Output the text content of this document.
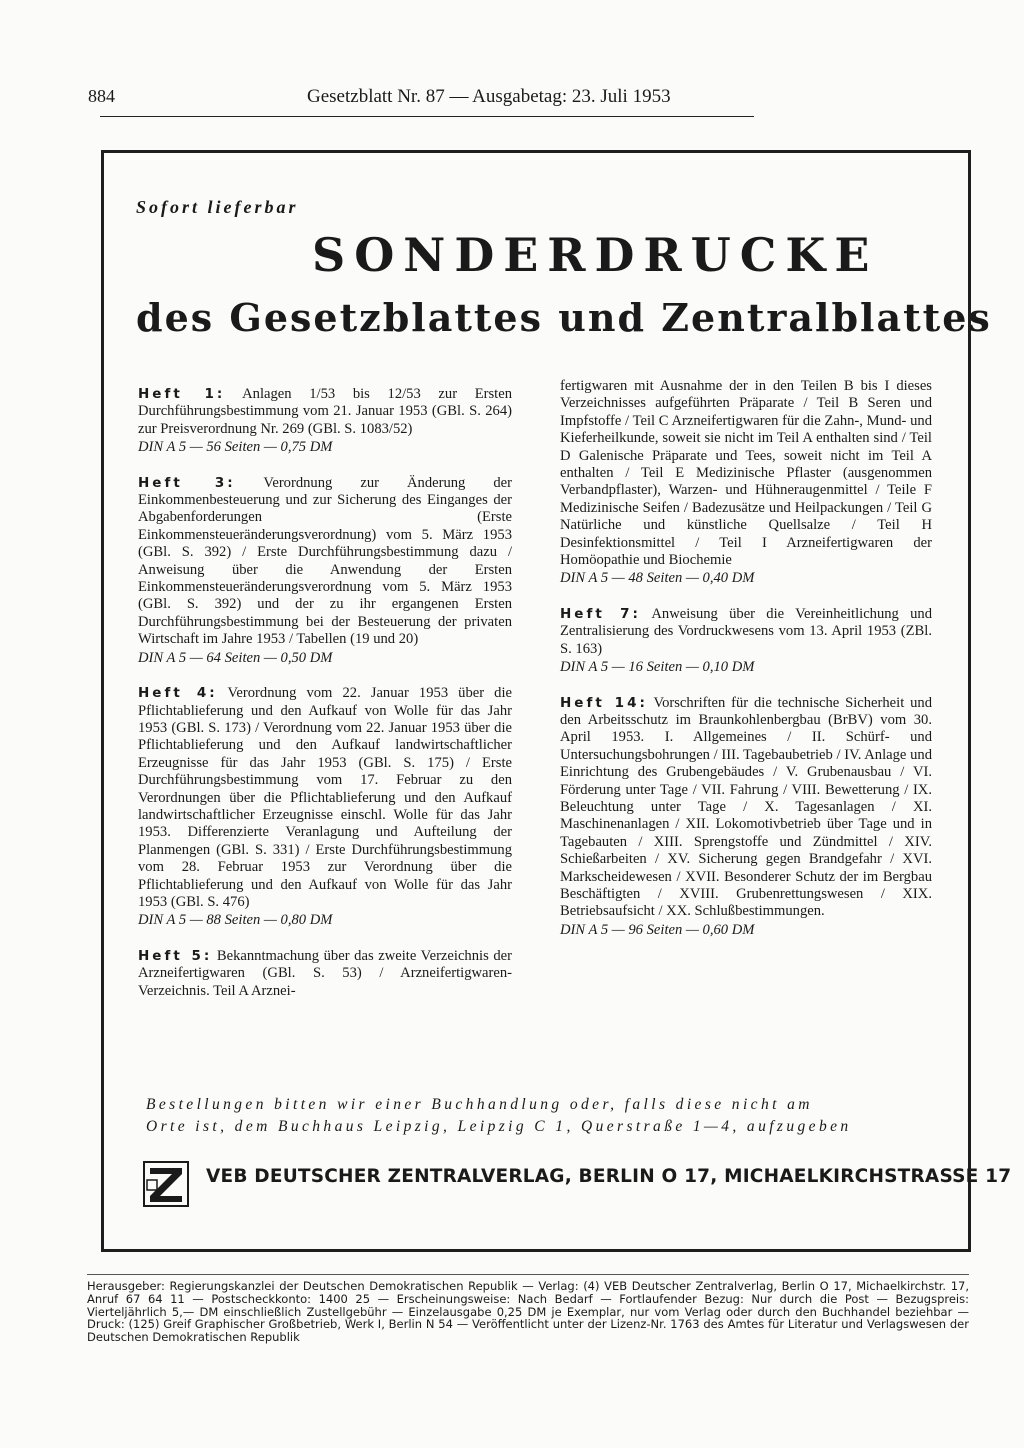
884	Gesetzblatt Nr. 87 — Ausgabetag: 23. Juli 1953
Sofort lieferbar
SONDERDRUCKE
des Gesetzblattes und Zentralblattes

Heft 1: Anlagen 1/53 bis 12/53 zur Ersten Durchführungsbestimmung vom 21. Januar 1953 (GBl. S. 264) zur Preisverordnung Nr. 269 (GBl. S. 1083/52)
DIN A 5 — 56 Seiten — 0,75 DM

Heft 3: Verordnung zur Änderung der Einkommenbesteuerung und zur Sicherung des Einganges der Abgabenforderungen (Erste Einkommensteueränderungsverordnung) vom 5. März 1953 (GBl. S. 392) / Erste Durchführungsbestimmung dazu / Anweisung über die Anwendung der Ersten Einkommensteueränderungsverordnung vom 5. März 1953 (GBl. S. 392) und der zu ihr ergangenen Ersten Durchführungsbestimmung bei der Besteuerung der privaten Wirtschaft im Jahre 1953 / Tabellen (19 und 20)
DIN A 5 — 64 Seiten — 0,50 DM

Heft 4: Verordnung vom 22. Januar 1953 über die Pflichtablieferung und den Aufkauf von Wolle für das Jahr 1953 (GBl. S. 173) / Verordnung vom 22. Januar 1953 über die Pflichtablieferung und den Aufkauf landwirtschaftlicher Erzeugnisse für das Jahr 1953 (GBl. S. 175) / Erste Durchführungsbestimmung vom 17. Februar zu den Verordnungen über die Pflichtablieferung und den Aufkauf landwirtschaftlicher Erzeugnisse einschl. Wolle für das Jahr 1953. Differenzierte Veranlagung und Aufteilung der Planmengen (GBl. S. 331) / Erste Durchführungsbestimmung vom 28. Februar 1953 zur Verordnung über die Pflichtablieferung und den Aufkauf von Wolle für das Jahr 1953 (GBl. S. 476)
DIN A 5 — 88 Seiten — 0,80 DM

Heft 5: Bekanntmachung über das zweite Verzeichnis der Arzneifertigwaren (GBl. S. 53) / Arzneifertigwaren-Verzeichnis. Teil A Arznei-

fertigwaren mit Ausnahme der in den Teilen B bis I dieses Verzeichnisses aufgeführten Präparate / Teil B Seren und Impfstoffe / Teil C Arzneifertigwaren für die Zahn-, Mund- und Kieferheilkunde, soweit sie nicht im Teil A enthalten sind / Teil D Galenische Präparate und Tees, soweit nicht im Teil A enthalten / Teil E Medizinische Pflaster (ausgenommen Verbandpflaster), Warzen- und Hühneraugenmittel / Teile F Medizinische Seifen / Badezusätze und Heilpackungen / Teil G Natürliche und künstliche Quellsalze / Teil H Desinfektionsmittel / Teil I Arzneifertigwaren der Homöopathie und Biochemie
DIN A 5 — 48 Seiten — 0,40 DM

Heft 7: Anweisung über die Vereinheitlichung und Zentralisierung des Vordruckwesens vom 13. April 1953 (ZBl. S. 163)
DIN A 5 — 16 Seiten — 0,10 DM

Heft 14: Vorschriften für die technische Sicherheit und den Arbeitsschutz im Braunkohlenbergbau (BrBV) vom 30. April 1953. I. Allgemeines / II. Schürf- und Untersuchungsbohrungen / III. Tagebaubetrieb / IV. Anlage und Einrichtung des Grubengebäudes / V. Grubenausbau / VI. Förderung unter Tage / VII. Fahrung / VIII. Bewetterung / IX. Beleuchtung unter Tage / X. Tagesanlagen / XI. Maschinenanlagen / XII. Lokomotivbetrieb über Tage und in Tagebauten / XIII. Sprengstoffe und Zündmittel / XIV. Schießarbeiten / XV. Sicherung gegen Brandgefahr / XVI. Markscheidewesen / XVII. Besonderer Schutz der im Bergbau Beschäftigten / XVIII. Grubenrettungswesen / XIX. Betriebsaufsicht / XX. Schlußbestimmungen.
DIN A 5 — 96 Seiten — 0,60 DM

Bestellungen bitten wir einer Buchhandlung oder, falls diese nicht am
Orte ist, dem Buchhaus Leipzig, Leipzig C 1, Querstraße 1—4, aufzugeben
VEB DEUTSCHER ZENTRALVERLAG, BERLIN O 17, MICHAELKIRCHSTRASSE 17
Herausgeber: Regierungskanzlei der Deutschen Demokratischen Republik — Verlag: (4) VEB Deutscher Zentralverlag, Berlin O 17, Michaelkirchstr. 17, Anruf 67 64 11 — Postscheckkonto: 1400 25 — Erscheinungsweise: Nach Bedarf — Fortlaufender Bezug: Nur durch die Post — Bezugspreis: Vierteljährlich 5,— DM einschließlich Zustellgebühr — Einzelausgabe 0,25 DM je Exemplar, nur vom Verlag oder durch den Buchhandel beziehbar — Druck: (125) Greif Graphischer Großbetrieb, Werk I, Berlin N 54 — Veröffentlicht unter der Lizenz-Nr. 1763 des Amtes für Literatur und Verlagswesen der Deutschen Demokratischen Republik
